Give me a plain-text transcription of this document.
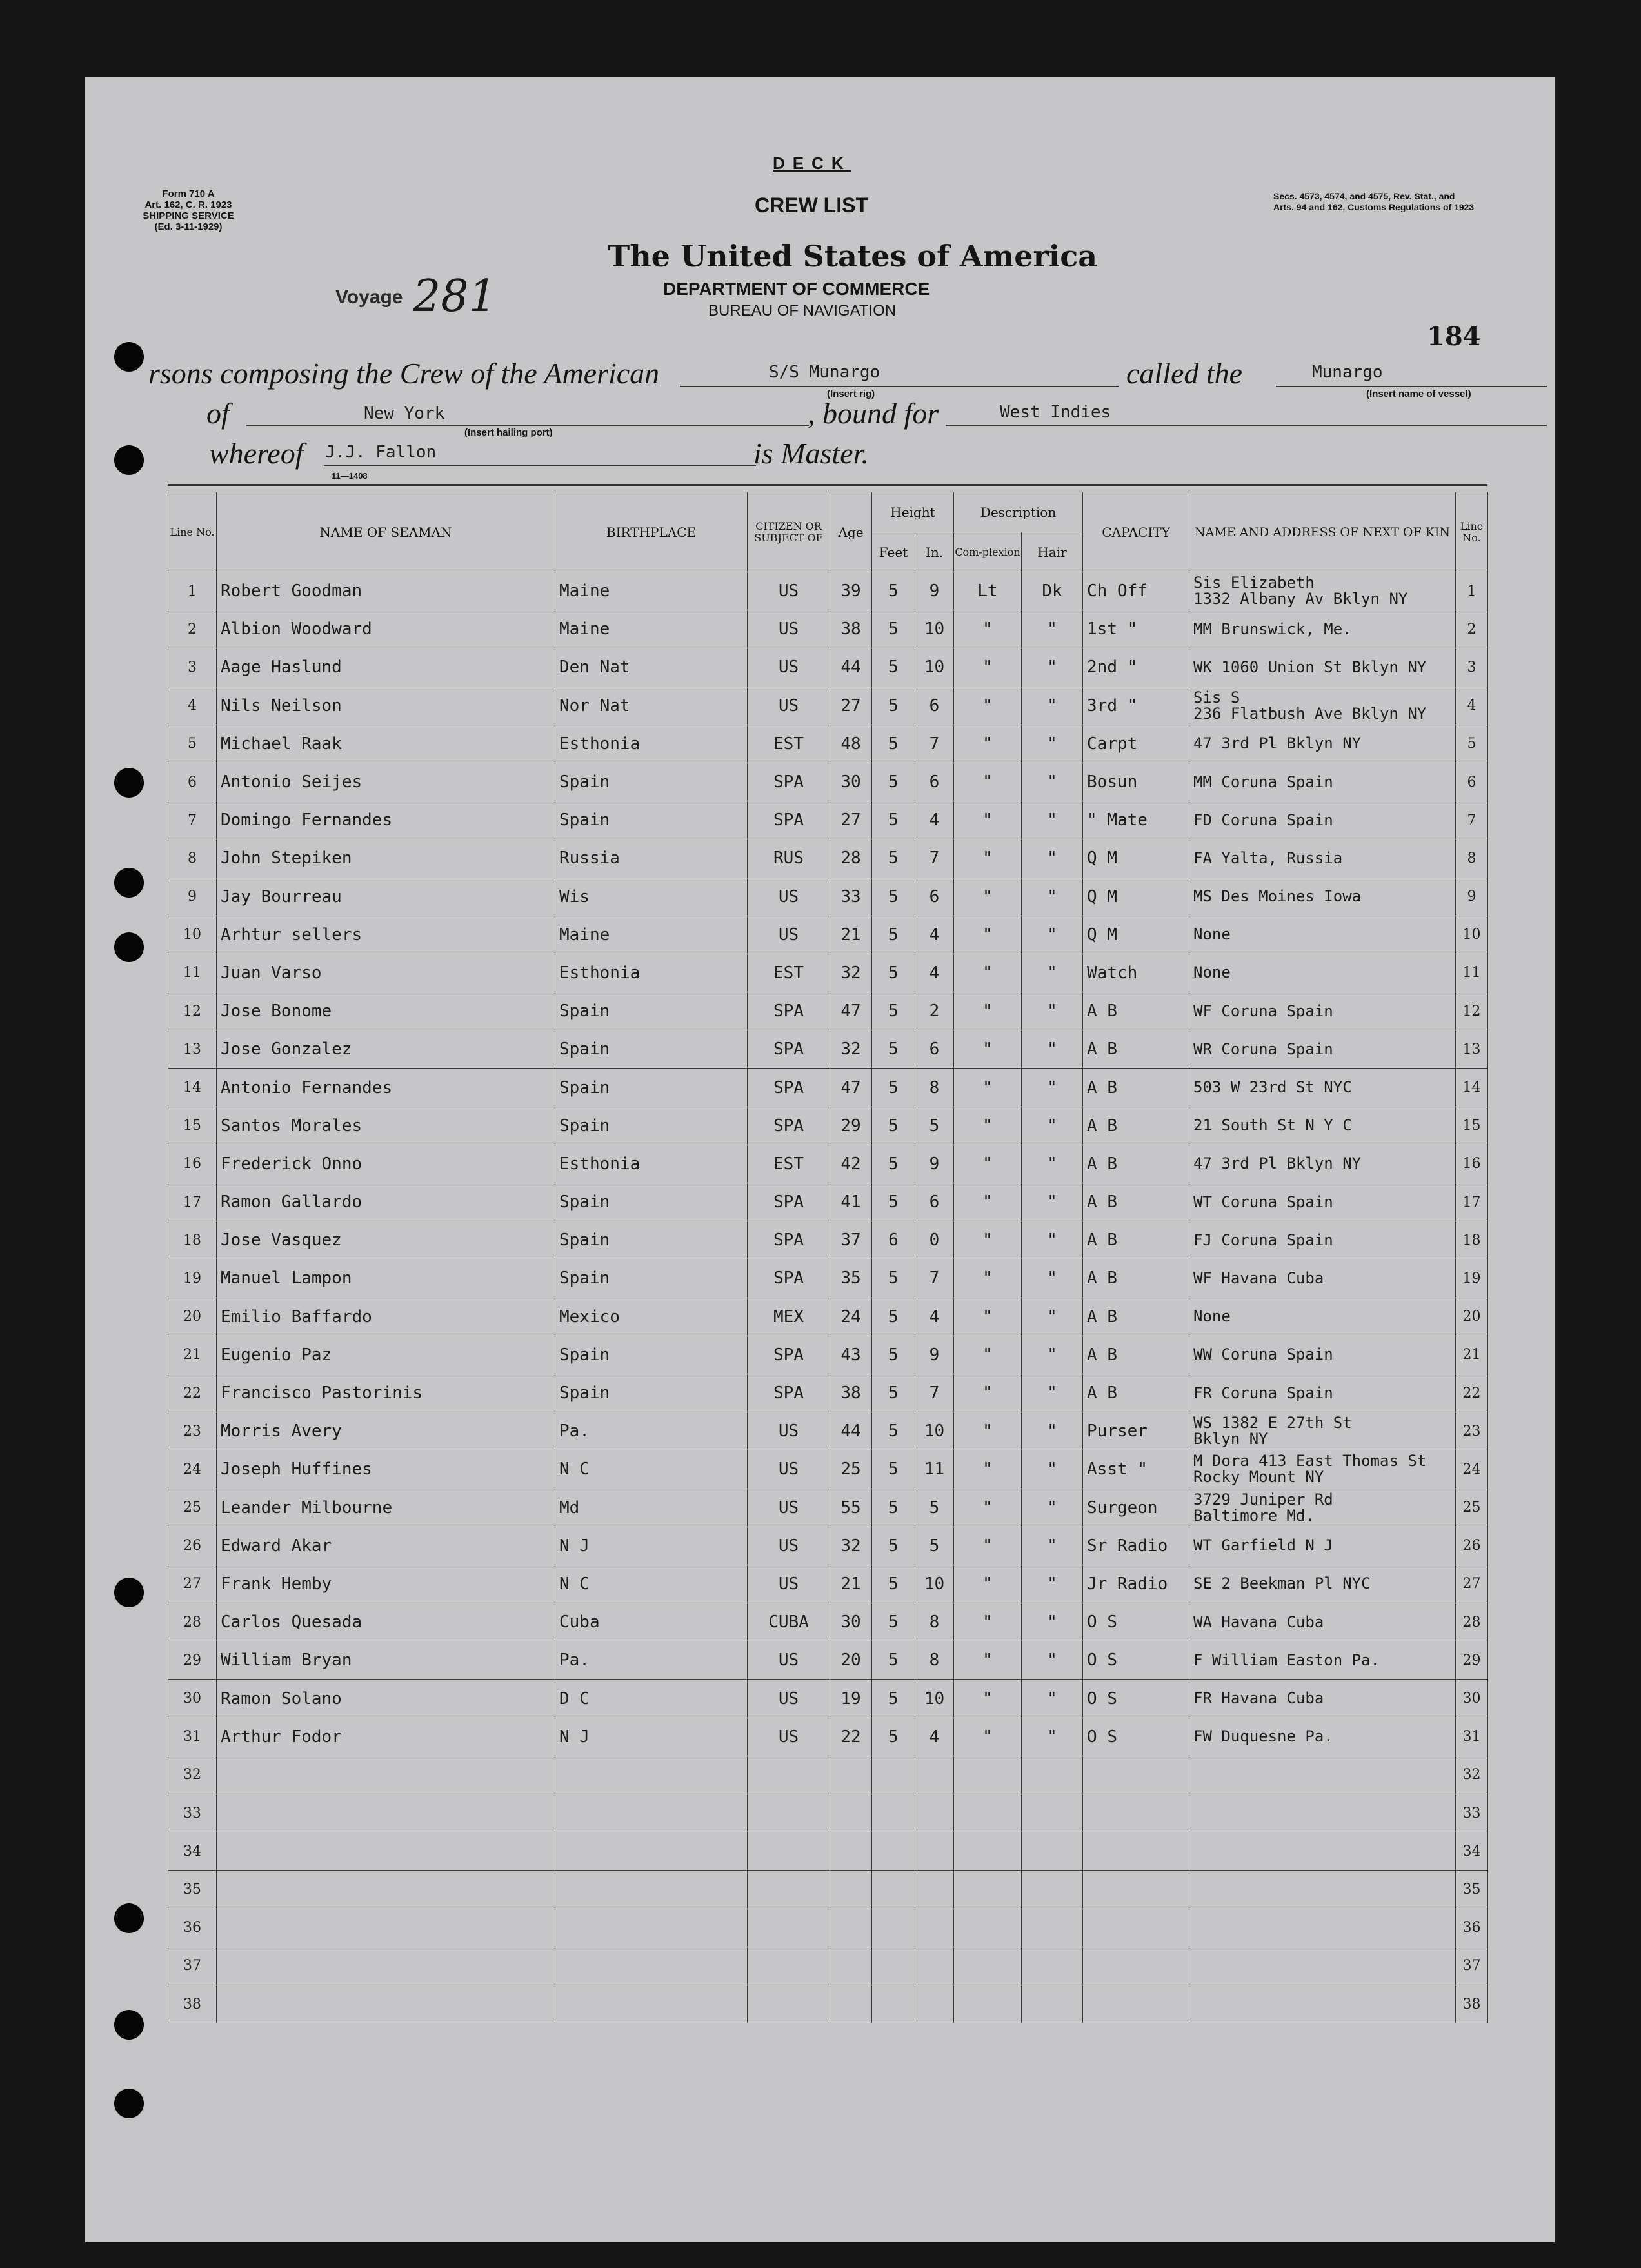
DECK
CREW LIST
Form 710 A
Art. 162, C. R. 1923
SHIPPING SERVICE
(Ed. 3-11-1929)
Secs. 4573, 4574, and 4575, Rev. Stat., and
Arts. 94 and 162, Customs Regulations of 1923
The United States of America
DEPARTMENT OF COMMERCE
BUREAU OF NAVIGATION
Voyage 281
184
rsons composing the Crew of the American	S/S Munargo
(Insert rig)
called the	Munargo
(Insert name of vessel)
of	New York
(Insert hailing port)
, bound for	West Indies
whereof J.J. Fallon
11—1408
is Master.
Line No.	NAME OF SEAMAN	BIRTHPLACE	CITIZEN OR SUBJECT OF	Age	Height		Description		CAPACITY	NAME AND ADDRESS OF NEXT OF KIN	Line No.
					Feet	In.	Com-plexion	Hair			
1	Robert Goodman	Maine	US	39	5	9	Lt	Dk	Ch Off	Sis Elizabeth
1332 Albany Av Bklyn NY	1
2	Albion Woodward	Maine	US	38	5	10	"	"	1st "	MM Brunswick, Me.	2
3	Aage Haslund	Den Nat	US	44	5	10	"	"	2nd "	WK 1060 Union St Bklyn NY	3
4	Nils Neilson	Nor Nat	US	27	5	6	"	"	3rd "	Sis S
236 Flatbush Ave Bklyn NY	4
5	Michael Raak	Esthonia	EST	48	5	7	"	"	Carpt	47 3rd Pl Bklyn NY	5
6	Antonio Seijes	Spain	SPA	30	5	6	"	"	Bosun	MM Coruna Spain	6
7	Domingo Fernandes	Spain	SPA	27	5	4	"	"	" Mate	FD Coruna Spain	7
8	John Stepiken	Russia	RUS	28	5	7	"	"	Q M	FA Yalta, Russia	8
9	Jay Bourreau	Wis	US	33	5	6	"	"	Q M	MS Des Moines Iowa	9
10	Arhtur sellers	Maine	US	21	5	4	"	"	Q M	None	10
11	Juan Varso	Esthonia	EST	32	5	4	"	"	Watch	None	11
12	Jose Bonome	Spain	SPA	47	5	2	"	"	A B	WF Coruna Spain	12
13	Jose Gonzalez	Spain	SPA	32	5	6	"	"	A B	WR Coruna Spain	13
14	Antonio Fernandes	Spain	SPA	47	5	8	"	"	A B	503 W 23rd St NYC	14
15	Santos Morales	Spain	SPA	29	5	5	"	"	A B	21 South St N Y C	15
16	Frederick Onno	Esthonia	EST	42	5	9	"	"	A B	47 3rd Pl Bklyn NY	16
17	Ramon Gallardo	Spain	SPA	41	5	6	"	"	A B	WT Coruna Spain	17
18	Jose Vasquez	Spain	SPA	37	6	0	"	"	A B	FJ Coruna Spain	18
19	Manuel Lampon	Spain	SPA	35	5	7	"	"	A B	WF Havana Cuba	19
20	Emilio Baffardo	Mexico	MEX	24	5	4	"	"	A B	None	20
21	Eugenio Paz	Spain	SPA	43	5	9	"	"	A B	WW Coruna Spain	21
22	Francisco Pastorinis	Spain	SPA	38	5	7	"	"	A B	FR Coruna Spain	22
23	Morris Avery	Pa.	US	44	5	10	"	"	Purser	WS 1382 E 27th St
Bklyn NY	23
24	Joseph Huffines	N C	US	25	5	11	"	"	Asst "	M Dora 413 East Thomas St
Rocky Mount NY	24
25	Leander Milbourne	Md	US	55	5	5	"	"	Surgeon	3729 Juniper Rd
Baltimore Md.	25
26	Edward Akar	N J	US	32	5	5	"	"	Sr Radio	WT Garfield N J	26
27	Frank Hemby	N C	US	21	5	10	"	"	Jr Radio	SE 2 Beekman Pl NYC	27
28	Carlos Quesada	Cuba	CUBA	30	5	8	"	"	O S	WA Havana Cuba	28
29	William Bryan	Pa.	US	20	5	8	"	"	O S	F William Easton Pa.	29
30	Ramon Solano	D C	US	19	5	10	"	"	O S	FR Havana Cuba	30
31	Arthur Fodor	N J	US	22	5	4	"	"	O S	FW Duquesne Pa.	31
32											32
33											33
34											34
35											35
36											36
37											37
38											38
